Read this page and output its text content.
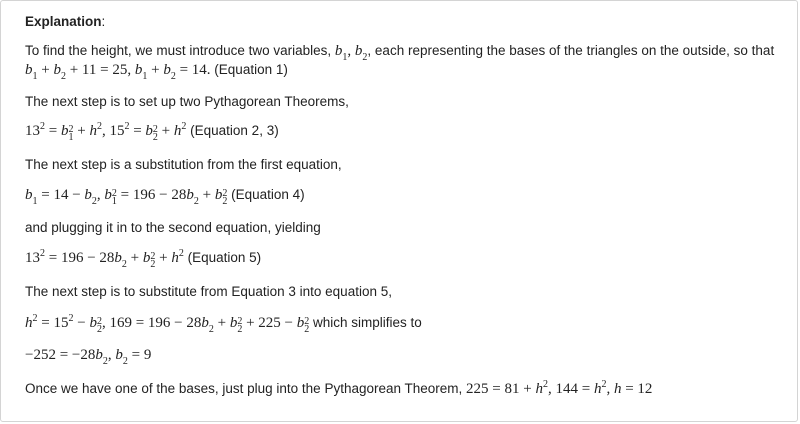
Explanation:
To find the height, we must introduce two variables, $b_1$, $b_2$, each representing the bases of the triangles on the outside, so that
$b_1 + b_2 + 11 = 25$, $b_1 + b_2 = 14$. (Equation 1)
The next step is to set up two Pythagorean Theorems,
$13^2 = b$ 2
$1 + h^2$, $15^2 = b$ 2
$2 + h^2$ (Equation 2, 3)
The next step is a substitution from the first equation,
$b_1 = 14 - b_2$, b 2
$1 = 196 - 28b_2 + b$ 2
2 (Equation 4)
and plugging it in to the second equation, yielding
$13^2 = 196 - 28b_2 + b$ 2
$2 + h^2$ (Equation 5)
The next step is to substitute from Equation 3 into equation 5,
$h^2 = 15^2 - b$ 2
2 , $169 = 196 - 28b_2 + b$ 2
2 + 225 − b 2
2 which simplifies to
$-252 = -28b_2$, $b_2 = 9$
Once we have one of the bases, just plug into the Pythagorean Theorem, $225 = 81 + h^2$, $144 = h^2$, h = 12
